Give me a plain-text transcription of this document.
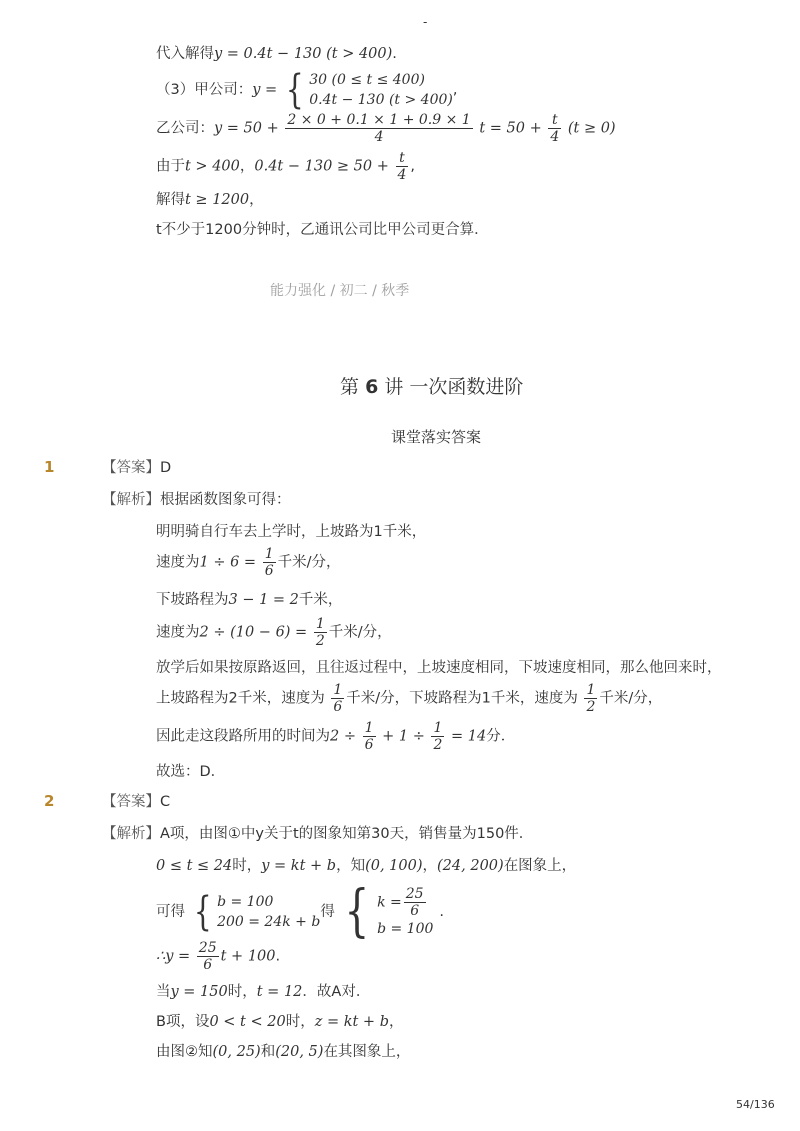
-
代入解得y = 0.4t − 130 (t > 400).
（3）甲公司：y = { 30 (0 ≤ t ≤ 400)
0.4t − 130 (t > 400)
,
乙公司：$y = 50 + \frac{2 \times 0 + 0.1 \times 1 + 0.9 \times 1}{4}$ $t = 50 + \frac{t}{4} (t \ge 0)$
由于t > 400，$0.4t - 130 \ge 50 + \frac{t}{4}$ ,
解得t ≥ 1200，
t不少于1200分钟时，乙通讯公司比甲公司更合算．
能力强化 / 初二 / 秋季
第 6 讲 一次函数进阶
课堂落实答案
1	【答案】D
【解析】根据函数图象可得：
明明骑自行车去上学时，上坡路为1千米，
速度为$1 \div 6 = \frac{1}{6}$ 千米/分，
下坡路程为3 − 1 = 2千米，
速度为$2 \div (10 - 6) = \frac{1}{2}$ 千米/分，
放学后如果按原路返回，且往返过程中，上坡速度相同，下坡速度相同，那么他回来时，
上坡路程为2千米，速度为 $\frac{1}{6}$ 千米/分，下坡路程为1千米，速度为 $\frac{1}{2}$ 千米/分，
因此走这段路所用的时间为$2 \div \frac{1}{6} + 1 \div \frac{1}{2} = 14$分．
故选：D．
2	【答案】C
【解析】A项，由图①中y关于t的图象知第30天，销售量为150件．
0 ≤ t ≤ 24时，y = kt + b，知(0, 100)，(24, 200)在图象上，
可得 { b = 100
200 = 24k + b
得 { $k = \frac{25}{6}$
b = 100
.
∴y = $\frac{25}{6}$ t + 100.
当y = 150时，t = 12．故A对．
B项，设0 < t < 20时，z = kt + b，
由图②知(0, 25)和(20, 5)在其图象上，
54/136
